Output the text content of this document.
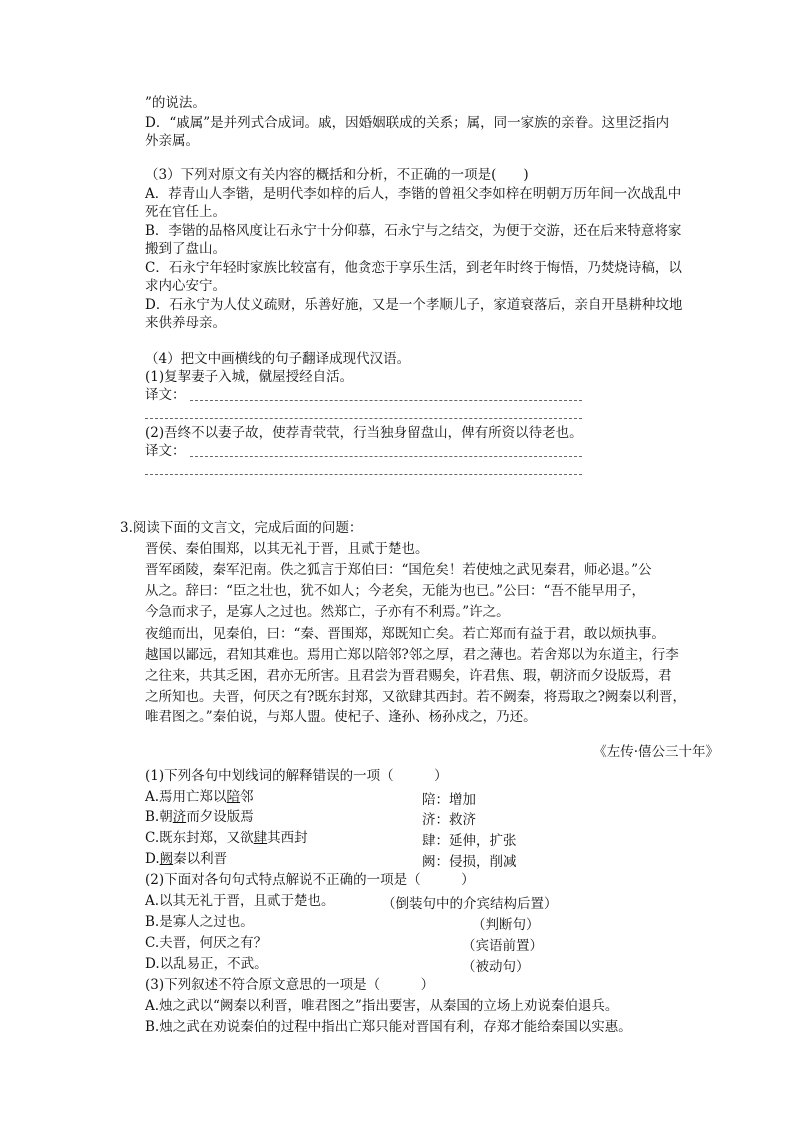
”的说法。
D．“戚属”是并列式合成词。戚，因婚姻联成的关系；属，同一家族的亲眷。这里泛指内
外亲属。
（3）下列对原文有关内容的概括和分析，不正确的一项是(　　)
A．荐青山人李锴，是明代李如梓的后人，李锴的曾祖父李如梓在明朝万历年间一次战乱中
死在官任上。
B．李锴的品格风度让石永宁十分仰慕，石永宁与之结交，为便于交游，还在后来特意将家
搬到了盘山。
C．石永宁年轻时家族比较富有，他贪恋于享乐生活，到老年时终于悔悟，乃焚烧诗稿，以
求内心安宁。
D．石永宁为人仗义疏财，乐善好施，又是一个孝顺儿子，家道衰落后，亲自开垦耕种坟地
来供养母亲。
（4）把文中画横线的句子翻译成现代汉语。
(1)复挈妻子入城，僦屋授经自活。
译文：
(2)吾终不以妻子故，使荐青茕茕，行当独身留盘山，俾有所资以待老也。
译文：
3.阅读下面的文言文，完成后面的问题：
晋侯、秦伯围郑，以其无礼于晋，且贰于楚也。
晋军函陵，秦军汜南。佚之狐言于郑伯曰：“国危矣！若使烛之武见秦君，师必退。”公
从之。辞曰：“臣之壮也，犹不如人；今老矣，无能为也已。”公曰：“吾不能早用子，
今急而求子，是寡人之过也。然郑亡，子亦有不利焉。”许之。
夜缒而出，见秦伯，曰：“秦、晋围郑，郑既知亡矣。若亡郑而有益于君，敢以烦执事。
越国以鄙远，君知其难也。焉用亡郑以陪邻?邻之厚，君之薄也。若舍郑以为东道主，行李
之往来，共其乏困，君亦无所害。且君尝为晋君赐矣，许君焦、瑕，朝济而夕设版焉，君
之所知也。夫晋，何厌之有?既东封郑，又欲肆其西封。若不阙秦，将焉取之?阙秦以利晋，
唯君图之。”秦伯说，与郑人盟。使杞子、逢孙、杨孙戍之，乃还。
《左传·僖公三十年》
(1)下列各句中划线词的解释错误的一项（　　　）
A.焉用亡郑以陪邻	陪：增加
B.朝济而夕设版焉	济：救济
C.既东封郑，又欲肆其西封	肆：延伸，扩张
D.阙秦以利晋	阙：侵损，削减
(2)下面对各句句式特点解说不正确的一项是（　　　）
A.以其无礼于晋，且贰于楚也。	（倒装句中的介宾结构后置）
B.是寡人之过也。	（判断句）
C.夫晋，何厌之有？	（宾语前置）
D.以乱易正，不武。	（被动句）
(3)下列叙述不符合原文意思的一项是（　　　）
A.烛之武以“阙秦以利晋，唯君图之”指出要害，从秦国的立场上劝说秦伯退兵。
B.烛之武在劝说秦伯的过程中指出亡郑只能对晋国有利，存郑才能给秦国以实惠。
